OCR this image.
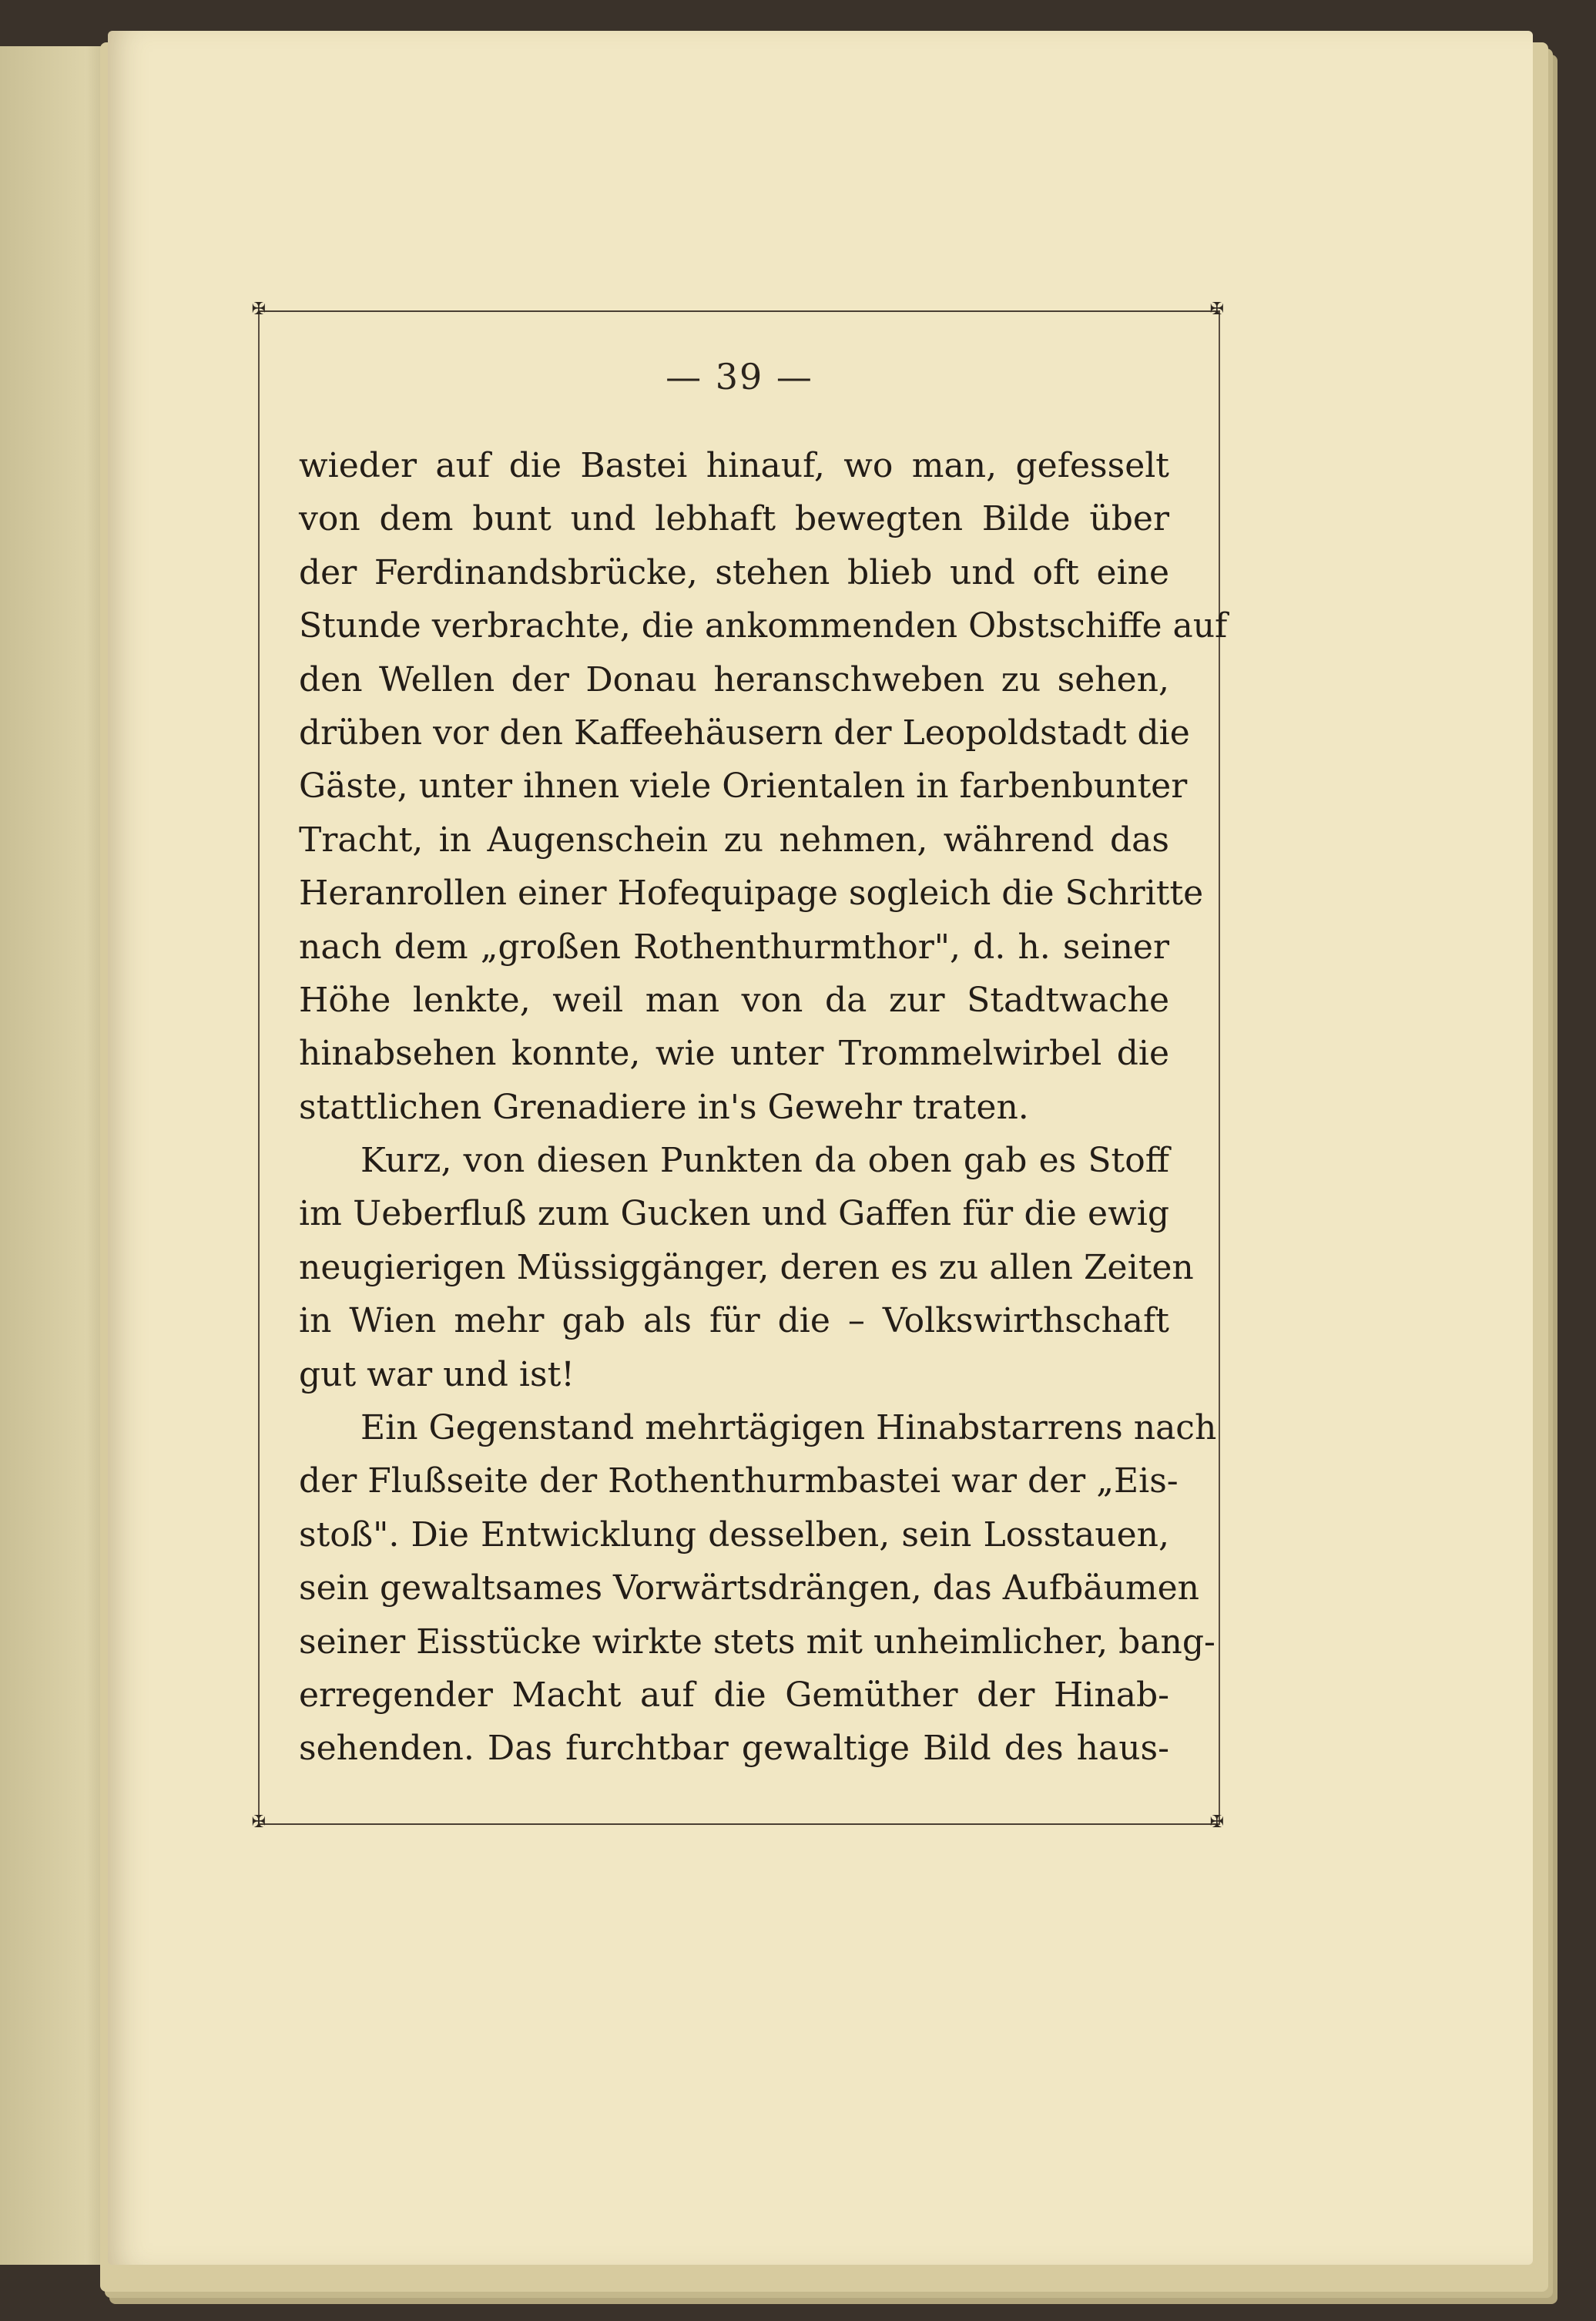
✠	✠
✠	✠
— 39 —
wieder auf die Bastei hinauf, wo man, gefesselt
von dem bunt und lebhaft bewegten Bilde über
der Ferdinandsbrücke, stehen blieb und oft eine
Stunde verbrachte, die ankommenden Obstschiffe auf
den Wellen der Donau heranschweben zu sehen,
drüben vor den Kaffeehäusern der Leopoldstadt die
Gäste, unter ihnen viele Orientalen in farbenbunter
Tracht, in Augenschein zu nehmen, während das
Heranrollen einer Hofequipage sogleich die Schritte
nach dem „großen Rothenthurmthor", d. h. seiner
Höhe lenkte, weil man von da zur Stadtwache
hinabsehen konnte, wie unter Trommelwirbel die
stattlichen Grenadiere in's Gewehr traten.
Kurz, von diesen Punkten da oben gab es Stoff
im Ueberfluß zum Gucken und Gaffen für die ewig
neugierigen Müssiggänger, deren es zu allen Zeiten
in Wien mehr gab als für die – Volkswirthschaft
gut war und ist!
Ein Gegenstand mehrtägigen Hinabstarrens nach
der Flußseite der Rothenthurmbastei war der „Eis-
stoß". Die Entwicklung desselben, sein Losstauen,
sein gewaltsames Vorwärtsdrängen, das Aufbäumen
seiner Eisstücke wirkte stets mit unheimlicher, bang-
erregender Macht auf die Gemüther der Hinab-
sehenden. Das furchtbar gewaltige Bild des haus-
